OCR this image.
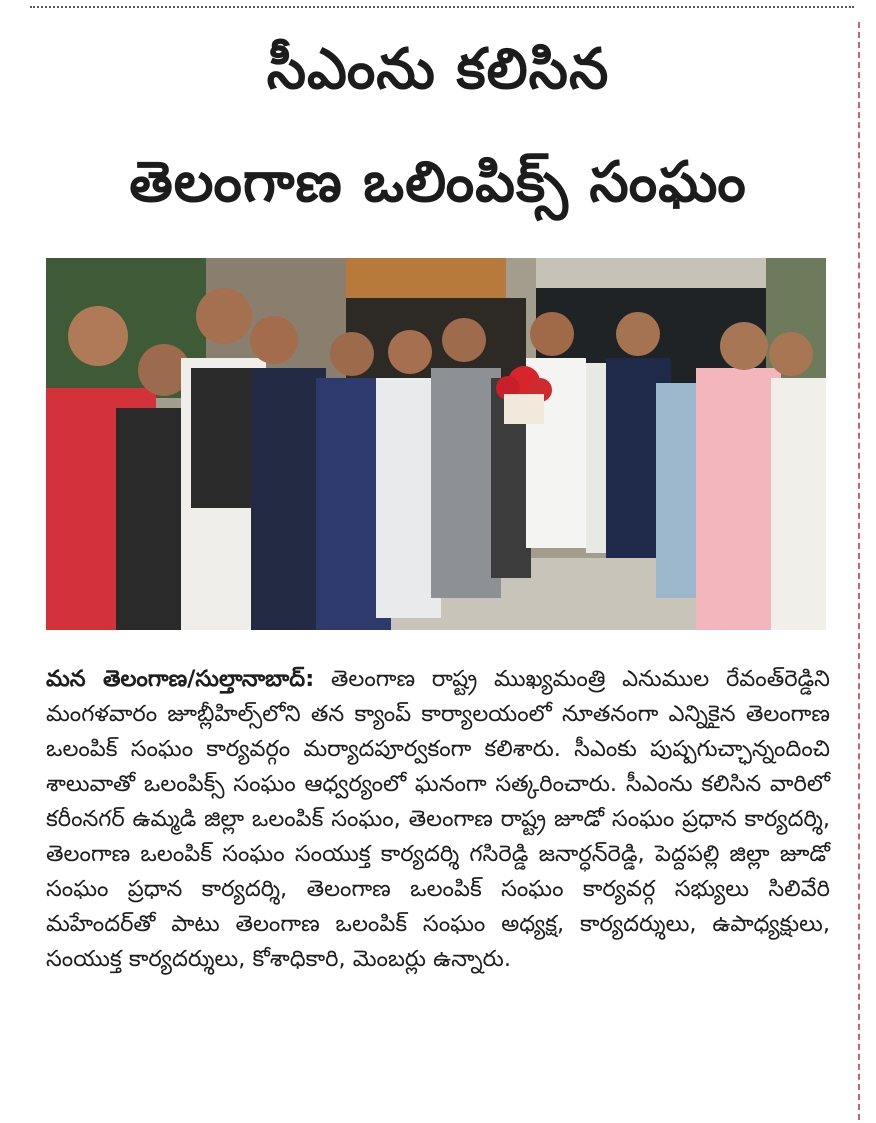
సీఎంను కలిసిన
తెలంగాణ ఒలింపిక్స్ సంఘం
మన తెలంగాణ/సుల్తానాబాద్: తెలంగాణ రాష్ట్ర ముఖ్యమంత్రి ఎనుముల రేవంత్‌రెడ్డిని మంగళవారం జూబ్లీహిల్స్‌లోని తన క్యాంప్ కార్యాలయంలో నూతనంగా ఎన్నికైన తెలంగాణ ఒలంపిక్ సంఘం కార్యవర్గం మర్యాదపూర్వకంగా కలిశారు. సీఎంకు పుష్పగుచ్ఛాన్నందించి శాలువాతో ఒలంపిక్స్ సంఘం ఆధ్వర్యంలో ఘనంగా సత్కరించారు. సీఎంను కలిసిన వారిలో కరీంనగర్ ఉమ్మడి జిల్లా ఒలంపిక్ సంఘం, తెలంగాణ రాష్ట్ర జూడో సంఘం ప్రధాన కార్యదర్శి, తెలంగాణ ఒలంపిక్ సంఘం సంయుక్త కార్యదర్శి గసిరెడ్డి జనార్ధన్‌రెడ్డి, పెద్దపల్లి జిల్లా జూడో సంఘం ప్రధాన కార్యదర్శి, తెలంగాణ ఒలంపిక్ సంఘం కార్యవర్గ సభ్యులు సిలివేరి మహేందర్‌తో పాటు తెలంగాణ ఒలంపిక్ సంఘం అధ్యక్ష, కార్యదర్శులు, ఉపాధ్యక్షులు, సంయుక్త కార్యదర్శులు, కోశాధికారి, మెంబర్లు ఉన్నారు.
